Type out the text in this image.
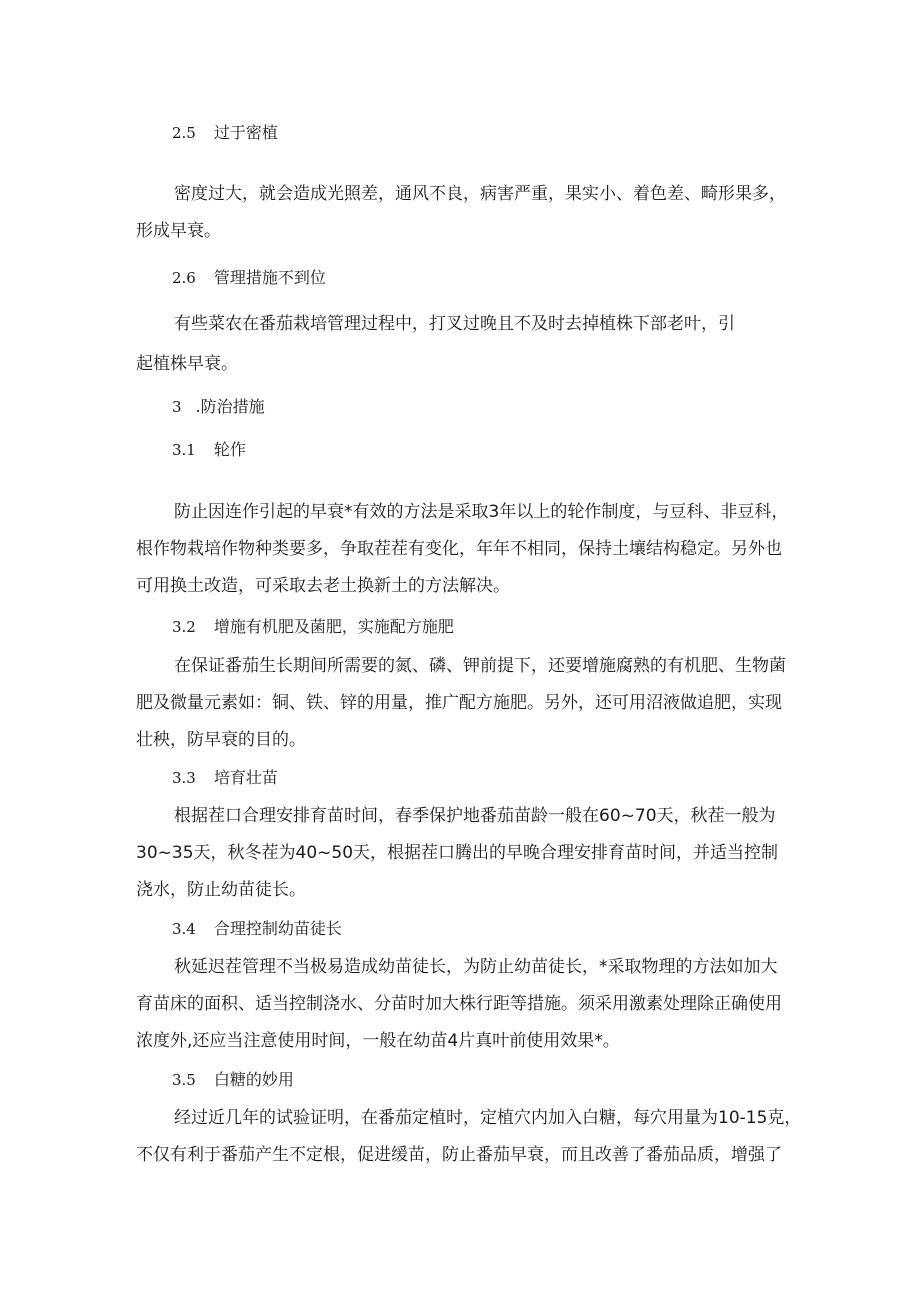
2.5 过于密植
密度过大，就会造成光照差，通风不良，病害严重，果实小、着色差、畸形果多，
形成早衰。
2.6 管理措施不到位
有些菜农在番茄栽培管理过程中，打叉过晚且不及时去掉植株下部老叶，引
起植株早衰。
3 .防治措施
3.1 轮作
防止因连作引起的早衰*有效的方法是采取3年以上的轮作制度，与豆科、非豆科，
根作物栽培作物种类要多，争取茬茬有变化，年年不相同，保持土壤结构稳定。另外也
可用换土改造，可采取去老土换新土的方法解决。
3.2 增施有机肥及菌肥，实施配方施肥
在保证番茄生长期间所需要的氮、磷、钾前提下，还要增施腐熟的有机肥、生物菌
肥及微量元素如：铜、铁、锌的用量，推广配方施肥。另外，还可用沼液做追肥，实现
壮秧，防早衰的目的。
3.3 培育壮苗
根据茬口合理安排育苗时间，春季保护地番茄苗龄一般在60~70天，秋茬一般为
30~35天，秋冬茬为40~50天，根据茬口腾出的早晚合理安排育苗时间，并适当控制
浇水，防止幼苗徒长。
3.4 合理控制幼苗徒长
秋延迟茬管理不当极易造成幼苗徒长，为防止幼苗徒长，*采取物理的方法如加大
育苗床的面积、适当控制浇水、分苗时加大株行距等措施。须采用激素处理除正确使用
浓度外,还应当注意使用时间，一般在幼苗4片真叶前使用效果*。
3.5 白糖的妙用
经过近几年的试验证明，在番茄定植时，定植穴内加入白糖，每穴用量为10-15克，
不仅有利于番茄产生不定根，促进缓苗，防止番茄早衰，而且改善了番茄品质，增强了
